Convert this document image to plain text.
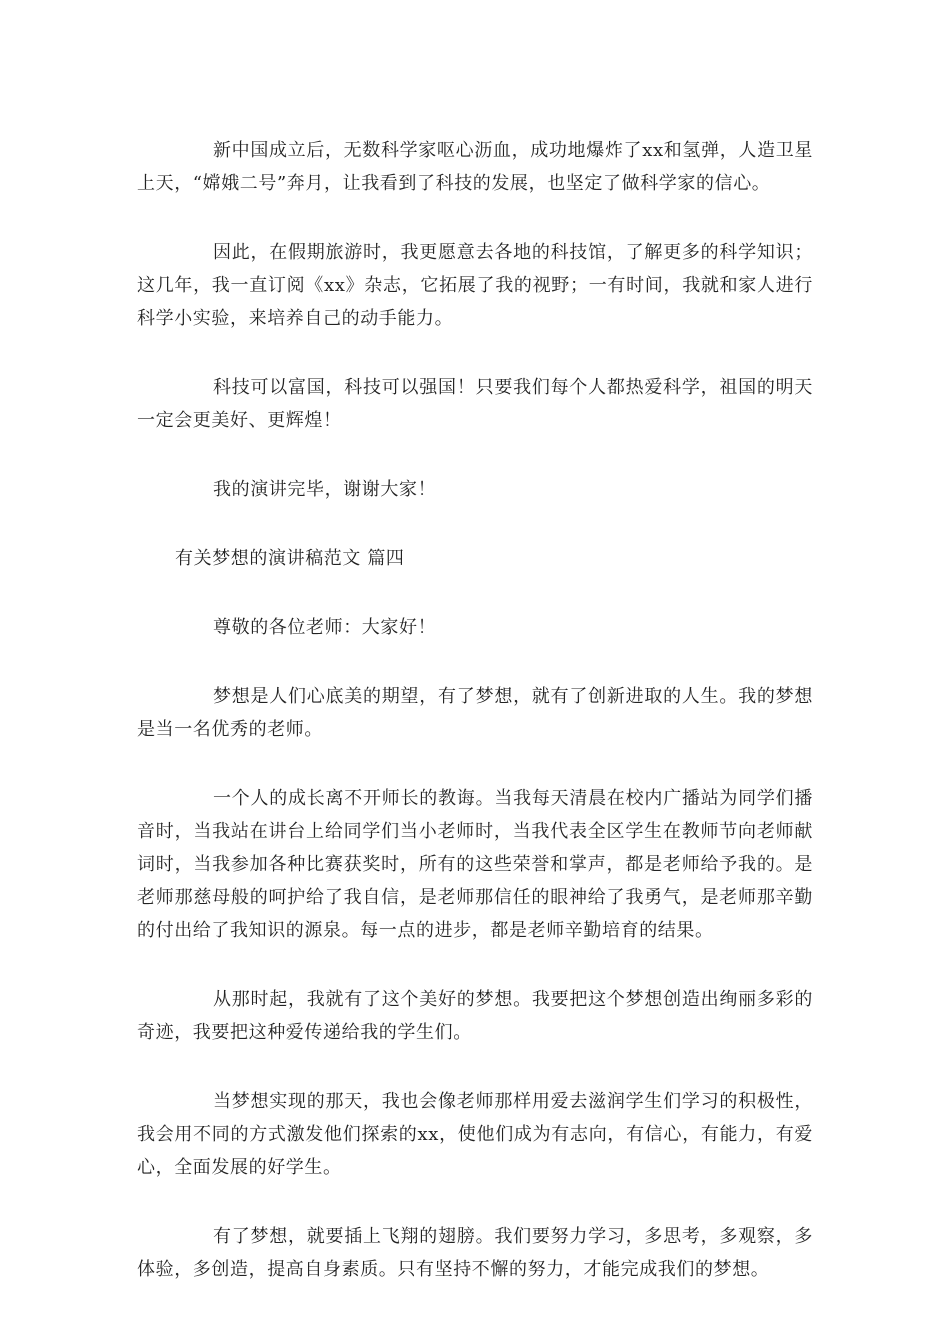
新中国成立后，无数科学家呕心沥血，成功地爆炸了xx和氢弹，人造卫星上天，“嫦娥二号”奔月，让我看到了科技的发展，也坚定了做科学家的信心。

因此，在假期旅游时，我更愿意去各地的科技馆，了解更多的科学知识；这几年，我一直订阅《xx》杂志，它拓展了我的视野；一有时间，我就和家人进行科学小实验，来培养自己的动手能力。

科技可以富国，科技可以强国！只要我们每个人都热爱科学，祖国的明天一定会更美好、更辉煌！

我的演讲完毕，谢谢大家！

有关梦想的演讲稿范文 篇四

尊敬的各位老师：大家好！

梦想是人们心底美的期望，有了梦想，就有了创新进取的人生。我的梦想是当一名优秀的老师。

一个人的成长离不开师长的教诲。当我每天清晨在校内广播站为同学们播音时，当我站在讲台上给同学们当小老师时，当我代表全区学生在教师节向老师献词时，当我参加各种比赛获奖时，所有的这些荣誉和掌声，都是老师给予我的。是老师那慈母般的呵护给了我自信，是老师那信任的眼神给了我勇气，是老师那辛勤的付出给了我知识的源泉。每一点的进步，都是老师辛勤培育的结果。

从那时起，我就有了这个美好的梦想。我要把这个梦想创造出绚丽多彩的奇迹，我要把这种爱传递给我的学生们。

当梦想实现的那天，我也会像老师那样用爱去滋润学生们学习的积极性，我会用不同的方式激发他们探索的xx，使他们成为有志向，有信心，有能力，有爱心，全面发展的好学生。

有了梦想，就要插上飞翔的翅膀。我们要努力学习，多思考，多观察，多体验，多创造，提高自身素质。只有坚持不懈的努力，才能完成我们的梦想。
